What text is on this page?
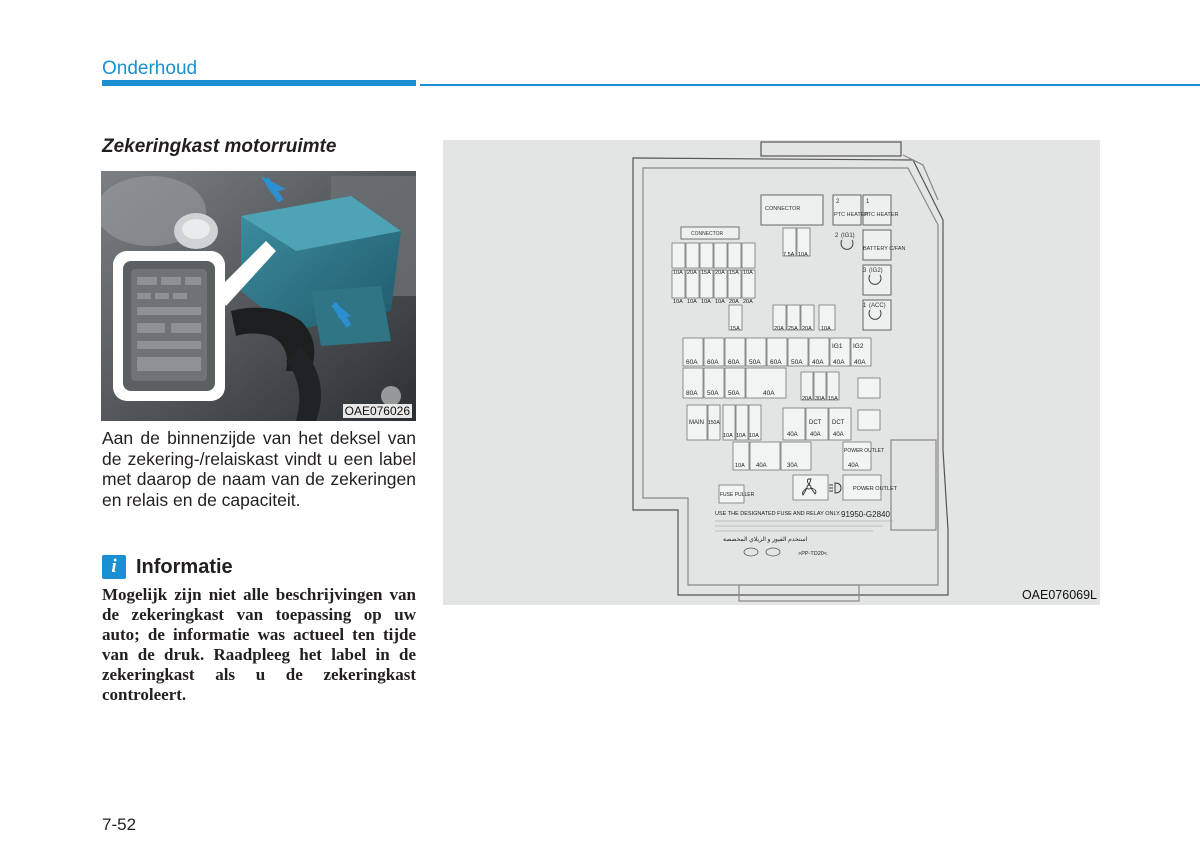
Onderhoud
Zekeringkast motorruimte
OAE076026
Aan de binnenzijde van het deksel van de zekering-/relaiskast vindt u een label met daarop de naam van de zekeringen en relais en de capaciteit.
i Informatie
Mogelijk zijn niet alle beschrijvingen van de zekeringkast van toepassing op uw auto; de informatie was actueel ten tijde van de druk. Raadpleeg het label in de zekeringkast als u de zekeringkast controleert.
CONNECTOR
2
PTC HEATER
1
PTC HEATER
BATTERY C/FAN
2 (IG1)
3 (IG2)
1 (ACC)
CONNECTOR
10A 20A 15A 20A 15A 10A
10A 10A 10A 10A 20A 20A
7.5A 10A
15A	20A 25A 20A 10A
60A 60A 60A 50A 60A 50A 40A 40A 40A
IG1 IG2
80A 50A 50A	40A
20A 30A 15A
MAIN 150A
10A 10A 10A	40A 40A 40A
DCT DCT
10A 40A	30A	40A
POWER OUTLET
POWER OUTLET
FUSE PULLER
USE THE DESIGNATED FUSE AND RELAY ONLY. 91950-G2840
استخدم الفيوز و الريلاي المخصصة
>PP-TD20<
OAE076069L
7-52
